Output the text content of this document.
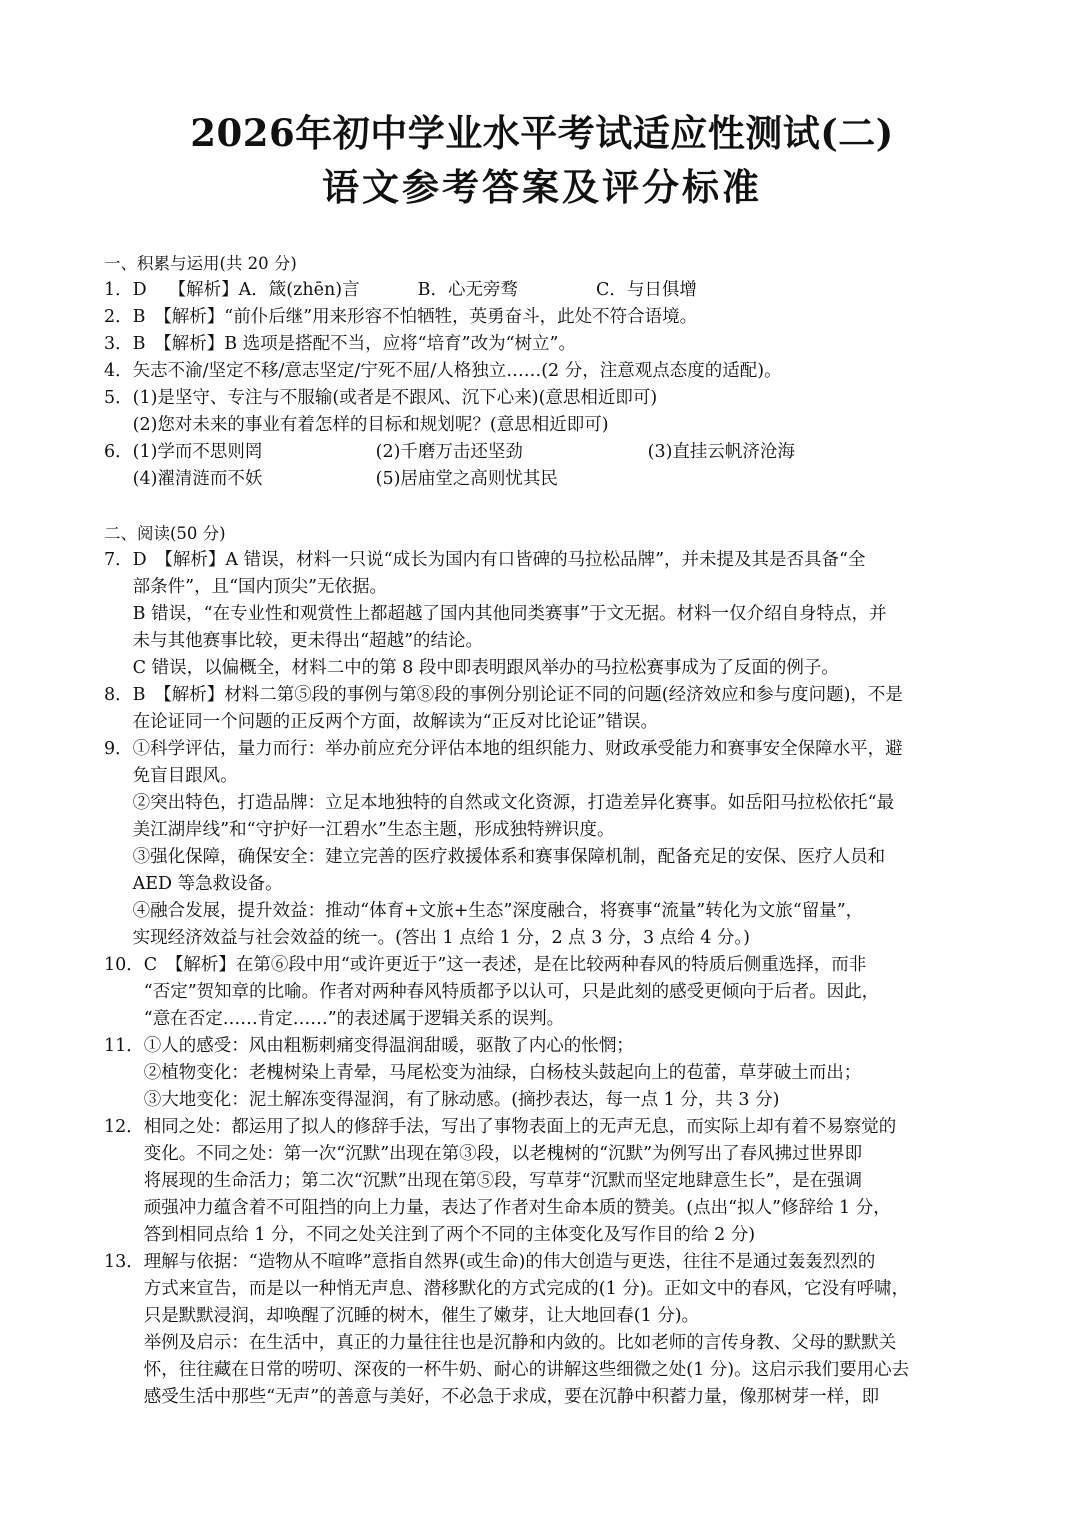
2026年初中学业水平考试适应性测试(二)
语文参考答案及评分标准

一、积累与运用(共 20 分)

1． D 【解析】A．箴(zhēn)言	B．心无旁骛	C．与日俱增
2． B　【解析】“前仆后继”用来形容不怕牺牲，英勇奋斗，此处不符合语境。
3． B　【解析】B 选项是搭配不当，应将“培育”改为“树立”。
4． 矢志不渝/坚定不移/意志坚定/宁死不屈/人格独立……(2 分，注意观点态度的适配)。
5． (1)是坚守、专注与不服输(或者是不跟风、沉下心来)(意思相近即可)
(2)您对未来的事业有着怎样的目标和规划呢？(意思相近即可)
6． (1)学而不思则罔	(2)千磨万击还坚劲	(3)直挂云帆济沧海
(4)濯清涟而不妖	(5)居庙堂之高则忧其民

二、阅读(50 分)

7． D　【解析】A 错误，材料一只说“成长为国内有口皆碑的马拉松品牌”，并未提及其是否具备“全
部条件”，且“国内顶尖”无依据。
B 错误，“在专业性和观赏性上都超越了国内其他同类赛事”于文无据。材料一仅介绍自身特点，并
未与其他赛事比较，更未得出“超越”的结论。
C 错误，以偏概全，材料二中的第 8 段中即表明跟风举办的马拉松赛事成为了反面的例子。
8． B　【解析】材料二第⑤段的事例与第⑧段的事例分别论证不同的问题(经济效应和参与度问题)，不是
在论证同一个问题的正反两个方面，故解读为“正反对比论证”错误。
9． ①科学评估，量力而行：举办前应充分评估本地的组织能力、财政承受能力和赛事安全保障水平，避
免盲目跟风。
②突出特色，打造品牌：立足本地独特的自然或文化资源，打造差异化赛事。如岳阳马拉松依托“最
美江湖岸线”和“守护好一江碧水”生态主题，形成独特辨识度。
③强化保障，确保安全：建立完善的医疗救援体系和赛事保障机制，配备充足的安保、医疗人员和
AED 等急救设备。
④融合发展，提升效益：推动“体育+文旅+生态”深度融合，将赛事“流量”转化为文旅“留量”，
实现经济效益与社会效益的统一。(答出 1 点给 1 分，2 点 3 分，3 点给 4 分。)
10． C　【解析】在第⑥段中用“或许更近于”这一表述，是在比较两种春风的特质后侧重选择，而非
“否定”贺知章的比喻。作者对两种春风特质都予以认可，只是此刻的感受更倾向于后者。因此，
“意在否定……肯定……”的表述属于逻辑关系的误判。
11． ①人的感受：风由粗粝刺痛变得温润甜暖，驱散了内心的怅惘；
②植物变化：老槐树染上青晕，马尾松变为油绿，白杨枝头鼓起向上的苞蕾，草芽破土而出；
③大地变化：泥土解冻变得湿润，有了脉动感。(摘抄表达，每一点 1 分，共 3 分)
12． 相同之处：都运用了拟人的修辞手法，写出了事物表面上的无声无息，而实际上却有着不易察觉的
变化。不同之处：第一次“沉默”出现在第③段，以老槐树的“沉默”为例写出了春风拂过世界即
将展现的生命活力；第二次“沉默”出现在第⑤段，写草芽“沉默而坚定地肆意生长”，是在强调
顽强冲力蕴含着不可阻挡的向上力量，表达了作者对生命本质的赞美。(点出“拟人”修辞给 1 分，
答到相同点给 1 分，不同之处关注到了两个不同的主体变化及写作目的给 2 分)
13． 理解与依据：“造物从不喧哗”意指自然界(或生命)的伟大创造与更迭，往往不是通过轰轰烈烈的
方式来宣告，而是以一种悄无声息、潜移默化的方式完成的(1 分)。正如文中的春风，它没有呼啸，
只是默默浸润，却唤醒了沉睡的树木，催生了嫩芽，让大地回春(1 分)。
举例及启示：在生活中，真正的力量往往也是沉静和内敛的。比如老师的言传身教、父母的默默关
怀，往往藏在日常的唠叨、深夜的一杯牛奶、耐心的讲解这些细微之处(1 分)。这启示我们要用心去
感受生活中那些“无声”的善意与美好，不必急于求成，要在沉静中积蓄力量，像那树芽一样，即
